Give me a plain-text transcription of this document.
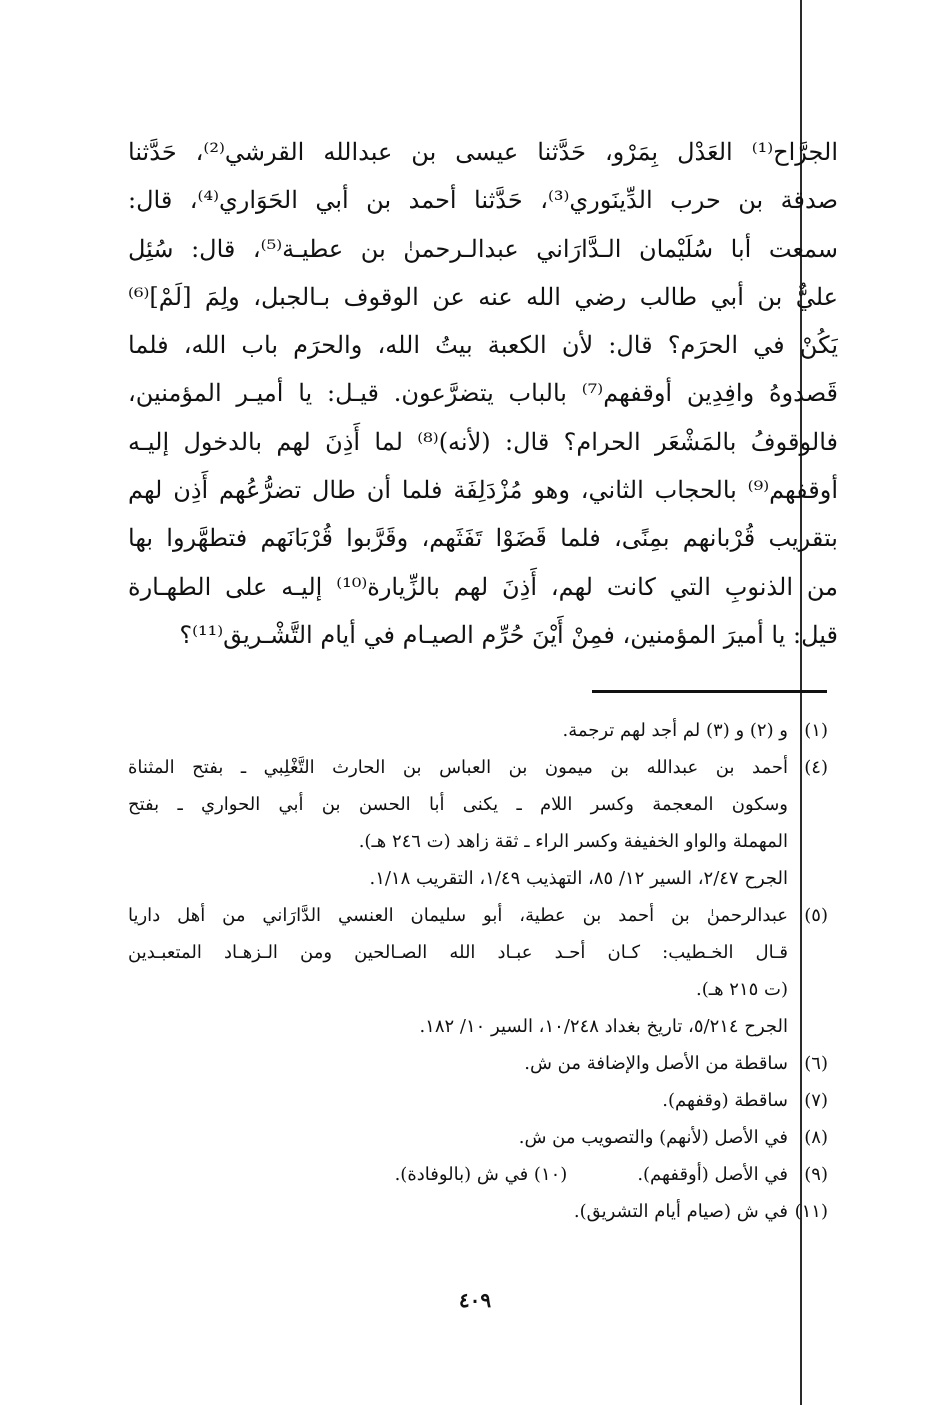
الجرَّاح⁽¹⁾ العَدْل بِمَرْو، حَدَّثنا عيسى بن عبدالله القرشي⁽²⁾، حَدَّثنا
صدقة بن حرب الدِّينَوري⁽³⁾، حَدَّثنا أحمد بن أبي الحَوَاري⁽⁴⁾، قال:
سمعت أبا سُلَيْمان الـدَّارَاني عبدالـرحمنٰ بن عطيـة⁽⁵⁾، قال: سُئِل
عليٌّ بن أبي طالب رضي الله عنه عن الوقوف بـالجبل، ولِمَ [لَمْ]⁽⁶⁾
يَكُنْ في الحرَم؟ قال: لأن الكعبة بيتُ الله، والحرَم باب الله، فلما
قَصدوهُ وافِدِين أوقفهم⁽⁷⁾ بالباب يتضرَّعون. قيـل: يا أميـر المؤمنين،
فالوقوفُ بالمَشْعَر الحرام؟ قال: (لأنه)⁽⁸⁾ لما أَذِنَ لهم بالدخول إليـه
أوقفهم⁽⁹⁾ بالحجاب الثاني، وهو مُزْدَلِفَة فلما أن طال تضرُّعُهم أَذِن لهم
بتقريب قُرْبانهم بمِنًى، فلما قَضَوْا تَفَثَهم، وقَرَّبوا قُرْبَانَهم فتطهَّروا بها
من الذنوبِ التي كانت لهم، أَذِنَ لهم بالزِّيارة⁽¹⁰⁾ إليـه على الطهـارة
قيل: يا أميرَ المؤمنين، فمِنْ أَيْنَ حُرِّم الصيـام في أيام التَّشْـريق⁽¹¹⁾؟
(١)
و (٢) و (٣) لم أجد لهم ترجمة.
(٤)
أحمد بن عبدالله بن ميمون بن العباس بن الحارث التَّغْلِبي ـ بفتح المثناة
وسكون المعجمة وكسر اللام ـ يكنى أبا الحسن بن أبي الحواري ـ بفتح
المهملة والواو الخفيفة وكسر الراء ـ ثقة زاهد (ت ٢٤٦ هـ).
الجرح ٢/٤٧، السير ١٢/ ٨٥، التهذيب ١/٤٩، التقريب ١/١٨.
(٥)
عبدالرحمنٰ بن أحمد بن عطية، أبو سليمان العنسي الدَّارَاني من أهل داريا
قـال الخـطيب: كـان أحـد عبـاد الله الصـالحين ومن الـزهـاد المتعبـدين
(ت ٢١٥ هـ).
الجرح ٥/٢١٤، تاريخ بغداد ١٠/٢٤٨، السير ١٠/ ١٨٢.
(٦)
ساقطة من الأصل والإضافة من ش.
(٧)
ساقطة (وقفهم).
(٨)
في الأصل (لأنهم) والتصويب من ش.
(٩)
في الأصل (أوقفهم).
(١٠) في ش (بالوفادة).
(١١)
في ش (صيام أيام التشريق).
٤٠٩
